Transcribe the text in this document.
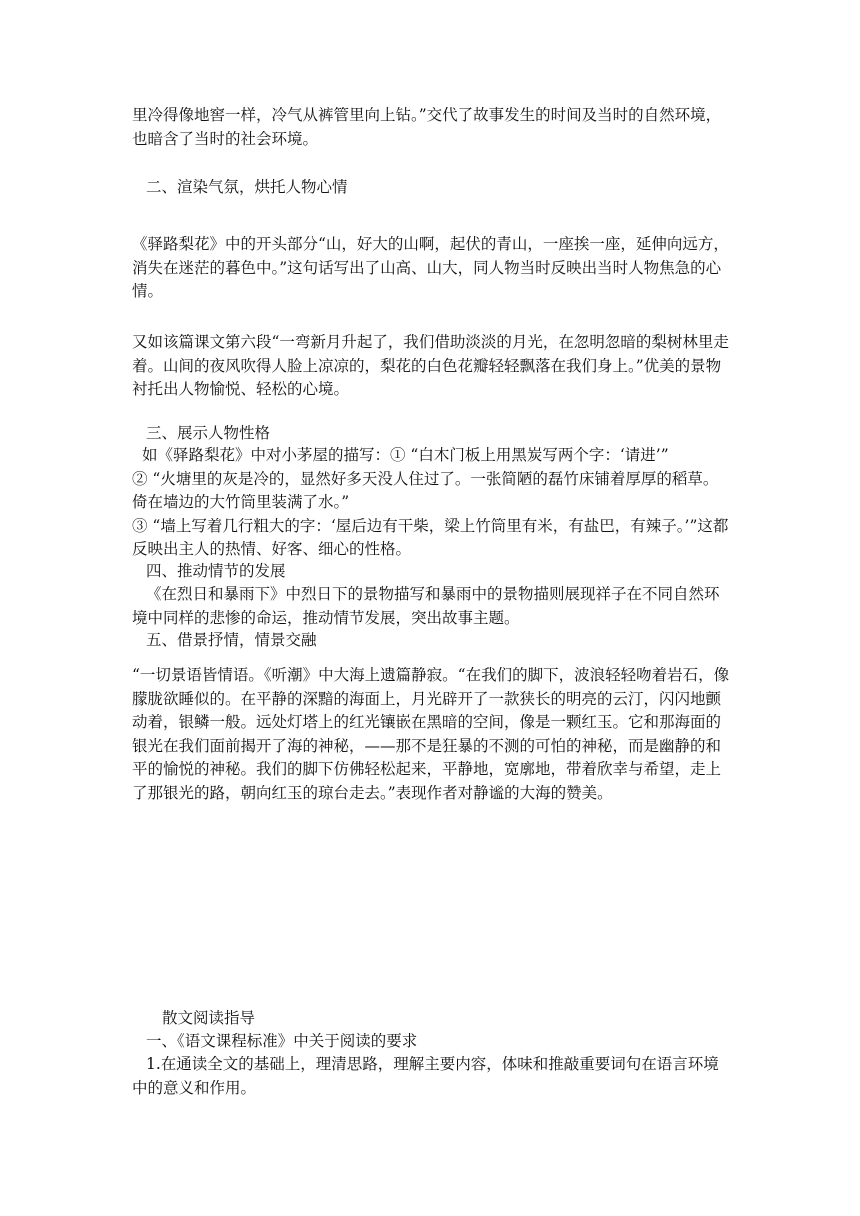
里冷得像地窖一样，冷气从裤管里向上钻。”交代了故事发生的时间及当时的自然环境，也暗含了当时的社会环境。

二、渲染气氛，烘托人物心情

《驿路梨花》中的开头部分“山，好大的山啊，起伏的青山，一座挨一座，延伸向远方，消失在迷茫的暮色中。”这句话写出了山高、山大，同人物当时反映出当时人物焦急的心情。

又如该篇课文第六段“一弯新月升起了，我们借助淡淡的月光，在忽明忽暗的梨树林里走着。山间的夜风吹得人脸上凉凉的，梨花的白色花瓣轻轻飘落在我们身上。”优美的景物衬托出人物愉悦、轻松的心境。

三、展示人物性格

如《驿路梨花》中对小茅屋的描写：① “白木门板上用黑炭写两个字：‘请进’”

② “火塘里的灰是冷的，显然好多天没人住过了。一张简陋的磊竹床铺着厚厚的稻草。倚在墙边的大竹筒里装满了水。”

③ “墙上写着几行粗大的字：‘屋后边有干柴，梁上竹筒里有米，有盐巴，有辣子。’”这都反映出主人的热情、好客、细心的性格。

四、推动情节的发展

《在烈日和暴雨下》中烈日下的景物描写和暴雨中的景物描则展现祥子在不同自然环境中同样的悲惨的命运，推动情节发展，突出故事主题。

五、借景抒情，情景交融

“一切景语皆情语。《听潮》中大海上遗篇静寂。“在我们的脚下，波浪轻轻吻着岩石，像朦胧欲睡似的。在平静的深黯的海面上，月光辟开了一款狭长的明亮的云汀，闪闪地颤动着，银鳞一般。远处灯塔上的红光镶嵌在黑暗的空间，像是一颗红玉。它和那海面的银光在我们面前揭开了海的神秘，——那不是狂暴的不测的可怕的神秘，而是幽静的和平的愉悦的神秘。我们的脚下仿佛轻松起来，平静地，宽廓地，带着欣幸与希望，走上了那银光的路，朝向红玉的琼台走去。”表现作者对静谧的大海的赞美。

散文阅读指导

一、《语文课程标准》中关于阅读的要求

1.在通读全文的基础上，理清思路，理解主要内容，体味和推敲重要词句在语言环境中的意义和作用。
